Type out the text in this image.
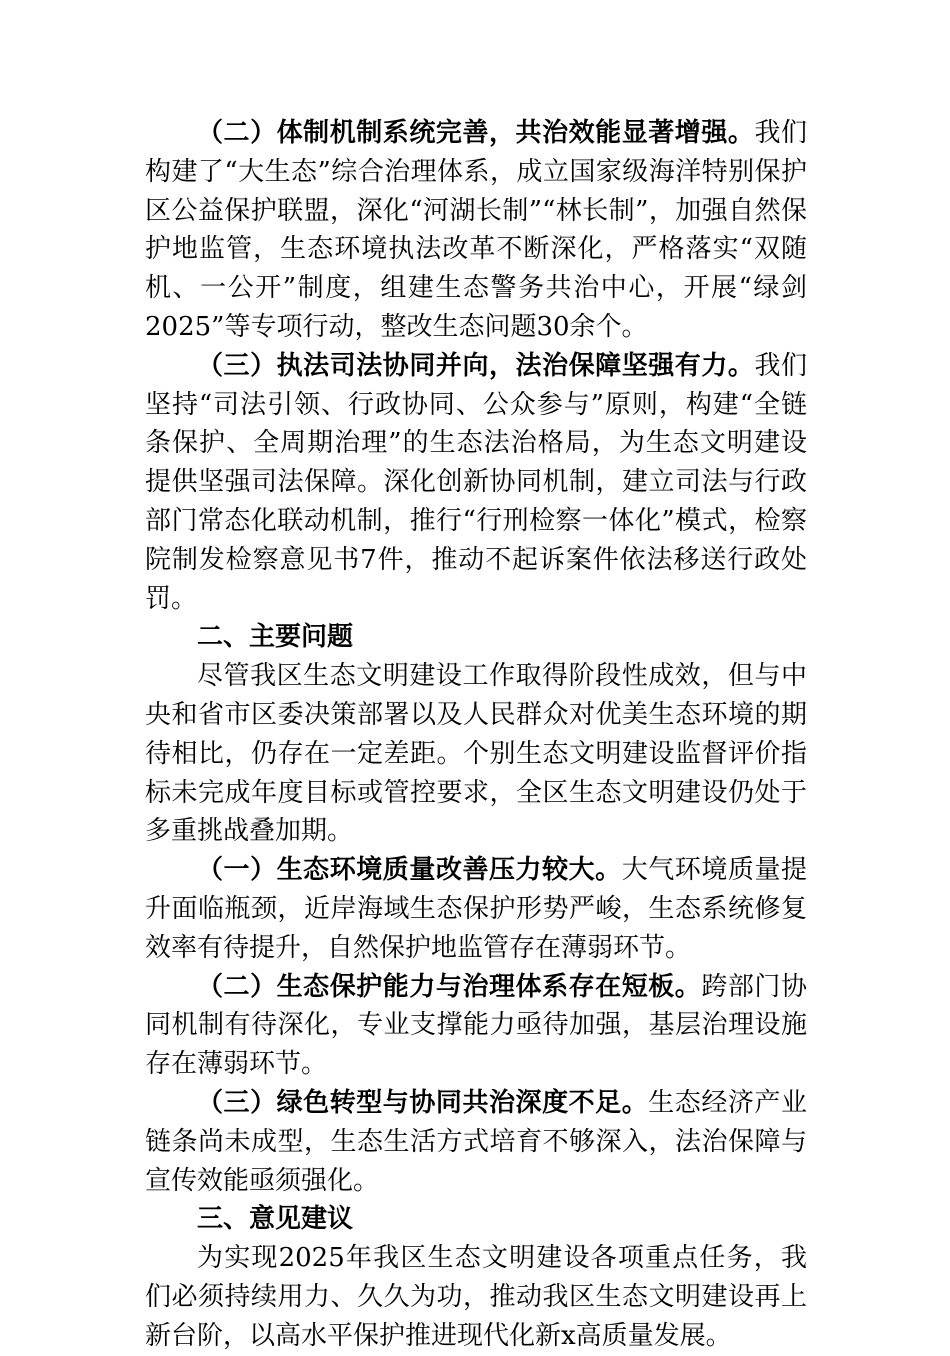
（二）体制机制系统完善，共治效能显著增强。我们构建了“大生态”综合治理体系，成立国家级海洋特别保护区公益保护联盟，深化“河湖长制”“林长制”，加强自然保护地监管，生态环境执法改革不断深化，严格落实“双随机、一公开”制度，组建生态警务共治中心，开展“绿剑2025”等专项行动，整改生态问题30余个。

（三）执法司法协同并向，法治保障坚强有力。我们坚持“司法引领、行政协同、公众参与”原则，构建“全链条保护、全周期治理”的生态法治格局，为生态文明建设提供坚强司法保障。深化创新协同机制，建立司法与行政部门常态化联动机制，推行“行刑检察一体化”模式，检察院制发检察意见书7件，推动不起诉案件依法移送行政处罚。

二、主要问题

尽管我区生态文明建设工作取得阶段性成效，但与中央和省市区委决策部署以及人民群众对优美生态环境的期待相比，仍存在一定差距。个别生态文明建设监督评价指标未完成年度目标或管控要求，全区生态文明建设仍处于多重挑战叠加期。

（一）生态环境质量改善压力较大。大气环境质量提升面临瓶颈，近岸海域生态保护形势严峻，生态系统修复效率有待提升，自然保护地监管存在薄弱环节。

（二）生态保护能力与治理体系存在短板。跨部门协同机制有待深化，专业支撑能力亟待加强，基层治理设施存在薄弱环节。

（三）绿色转型与协同共治深度不足。生态经济产业链条尚未成型，生态生活方式培育不够深入，法治保障与宣传效能亟须强化。

三、意见建议

为实现2025年我区生态文明建设各项重点任务，我们必须持续用力、久久为功，推动我区生态文明建设再上新台阶，以高水平保护推进现代化新x高质量发展。
